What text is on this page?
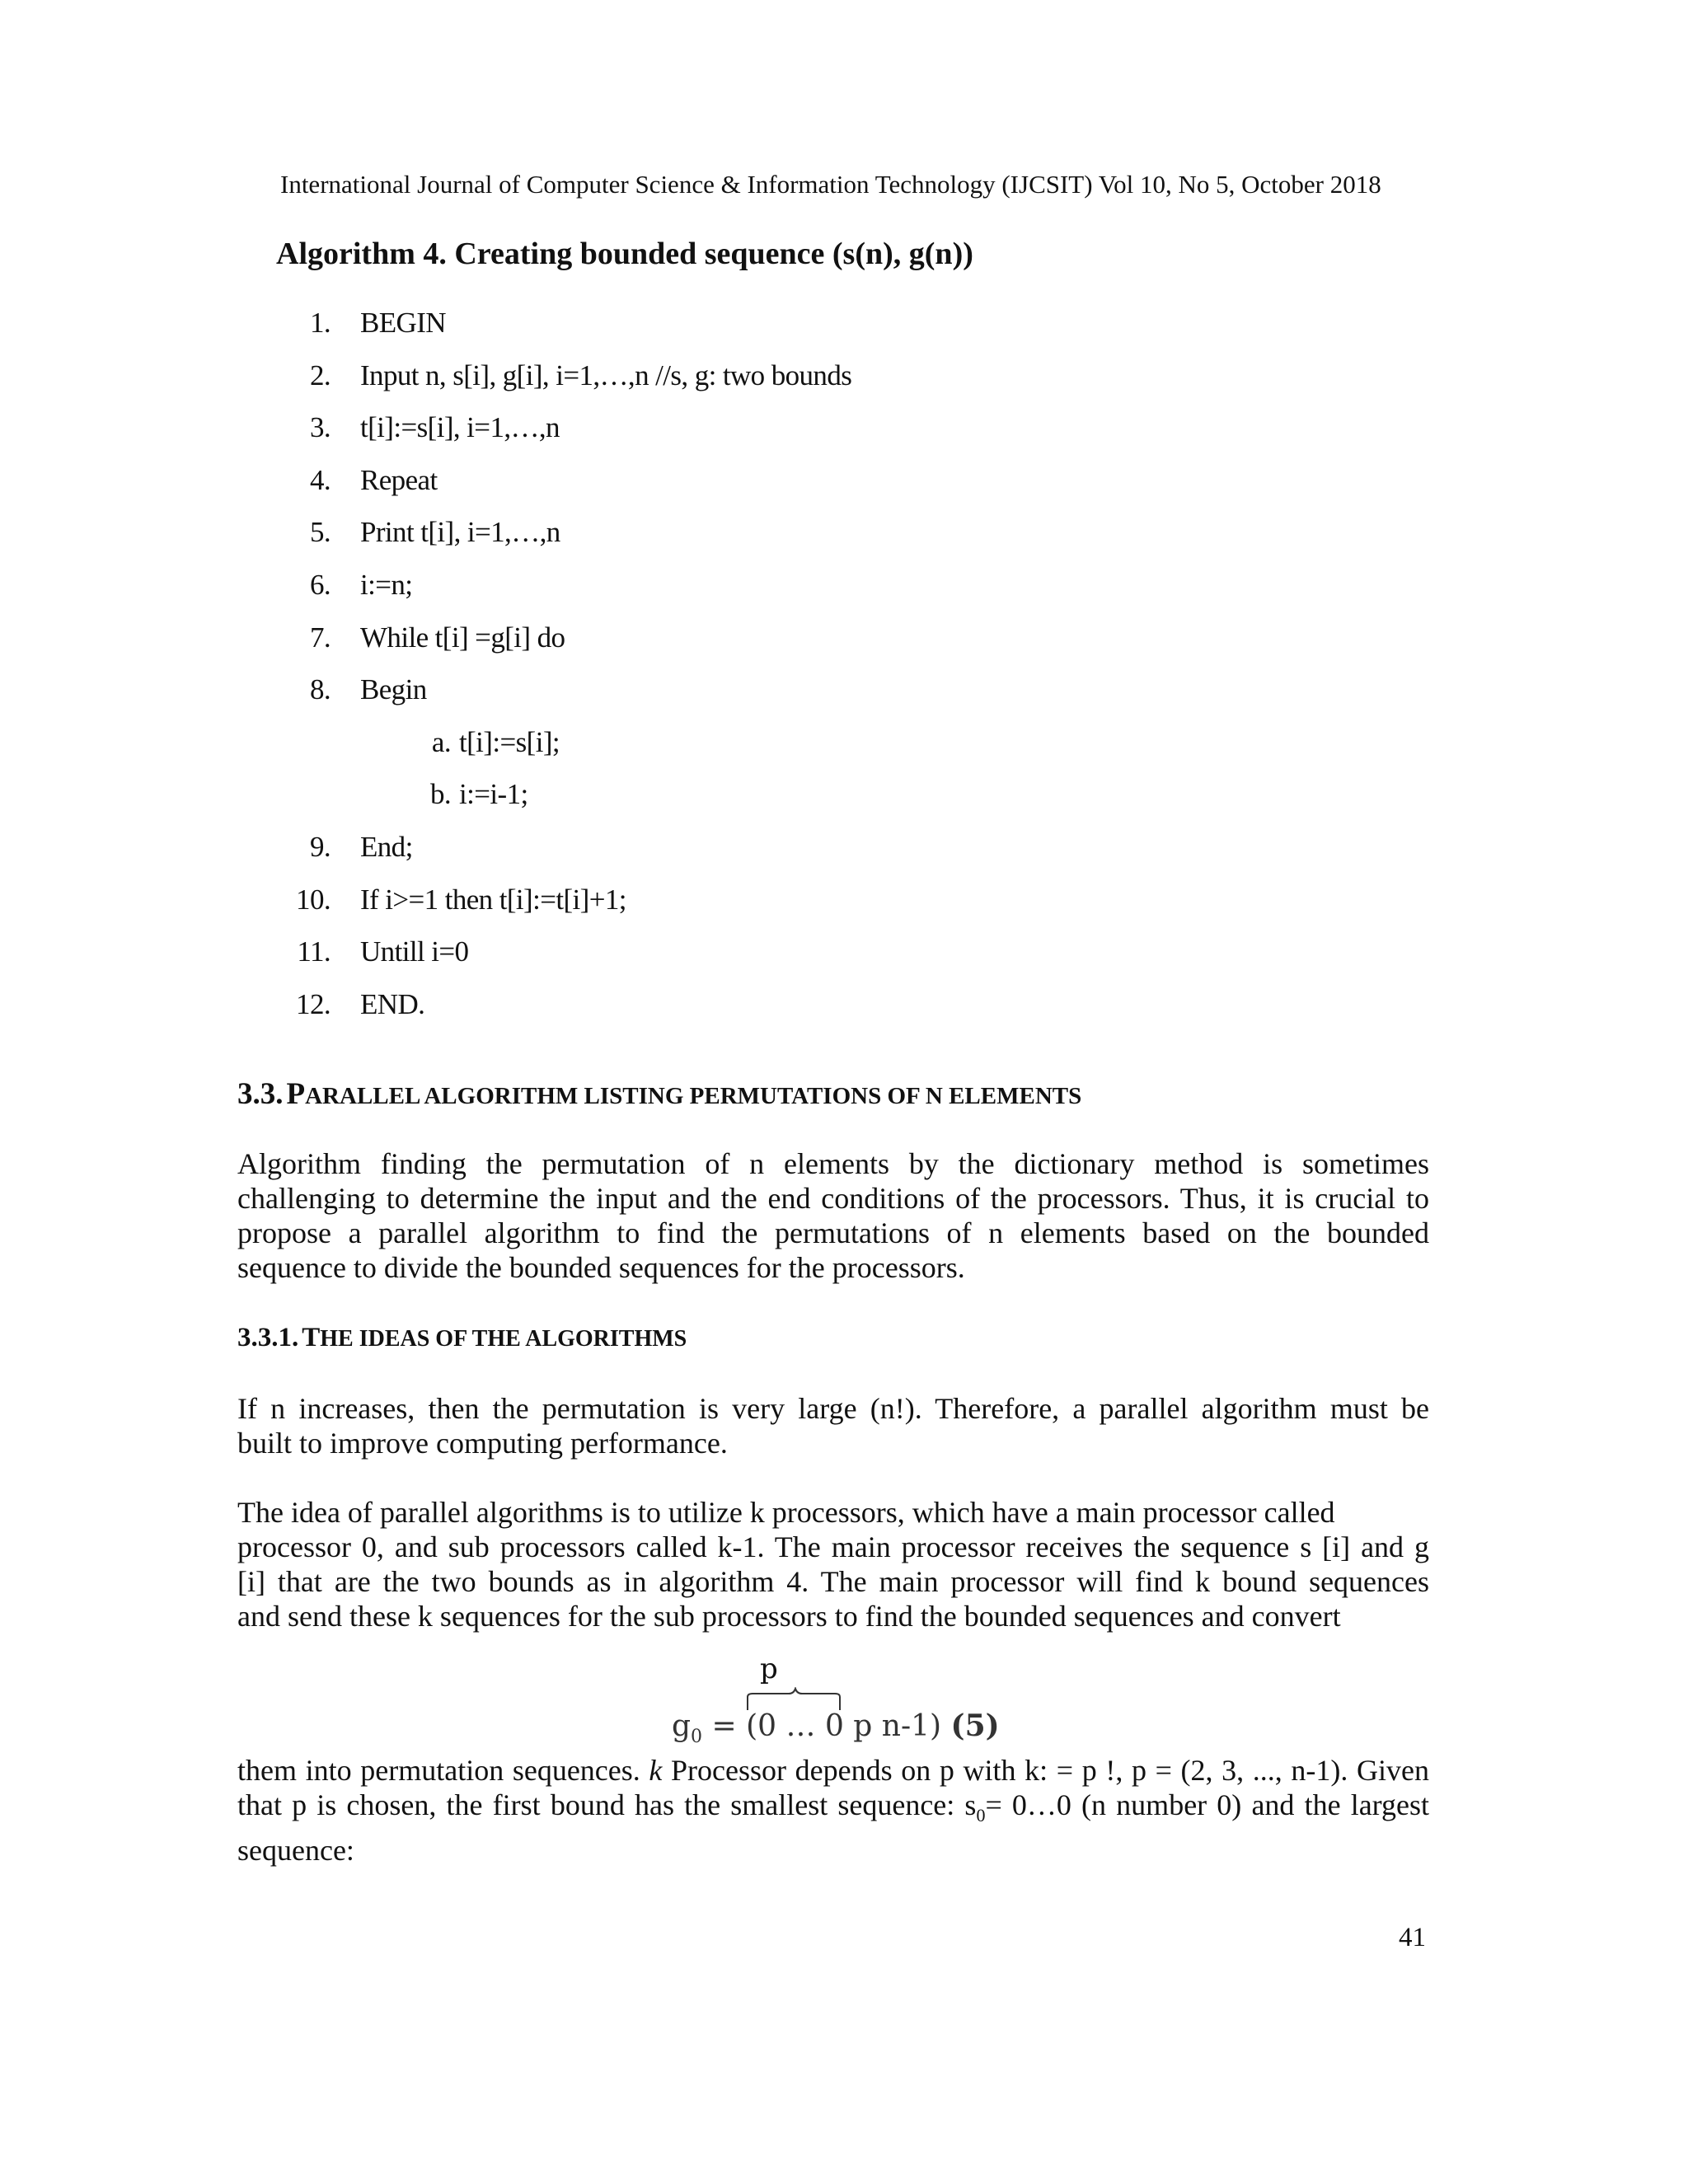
International Journal of Computer Science & Information Technology (IJCSIT) Vol 10, No 5, October 2018
Algorithm 4. Creating bounded sequence (s(n), g(n))
1. BEGIN
2. Input n, s[i], g[i], i=1,…,n //s, g: two bounds
3. t[i]:=s[i], i=1,…,n
4. Repeat
5. Print t[i], i=1,…,n
6. i:=n;
7. While t[i] =g[i] do
8. Begin
a. t[i]:=s[i];
b. i:=i-1;
9. End;
10. If i>=1 then t[i]:=t[i]+1;
11. Untill i=0
12. END.
3.3. PARALLEL ALGORITHM LISTING PERMUTATIONS OF N ELEMENTS
Algorithm finding the permutation of n elements by the dictionary method is sometimes
challenging to determine the input and the end conditions of the processors. Thus, it is crucial to
propose a parallel algorithm to find the permutations of n elements based on the bounded
sequence to divide the bounded sequences for the processors.
3.3.1. THE IDEAS OF THE ALGORITHMS
If n increases, then the permutation is very large (n!). Therefore, a parallel algorithm must be
built to improve computing performance.
The idea of parallel algorithms is to utilize k processors, which have a main processor called
processor 0, and sub processors called k-1. The main processor receives the sequence s [i] and g
[i] that are the two bounds as in algorithm 4. The main processor will find k bound sequences
and send these k sequences for the sub processors to find the bounded sequences and convert
p
$g_0 = (0$ … 0 p n-1) (5)
them into permutation sequences. k Processor depends on p with k: = p !, p = (2, 3, ..., n-1). Given
that p is chosen, the first bound has the smallest sequence: $s_0=$ 0…0 (n number 0) and the largest
sequence:
41
